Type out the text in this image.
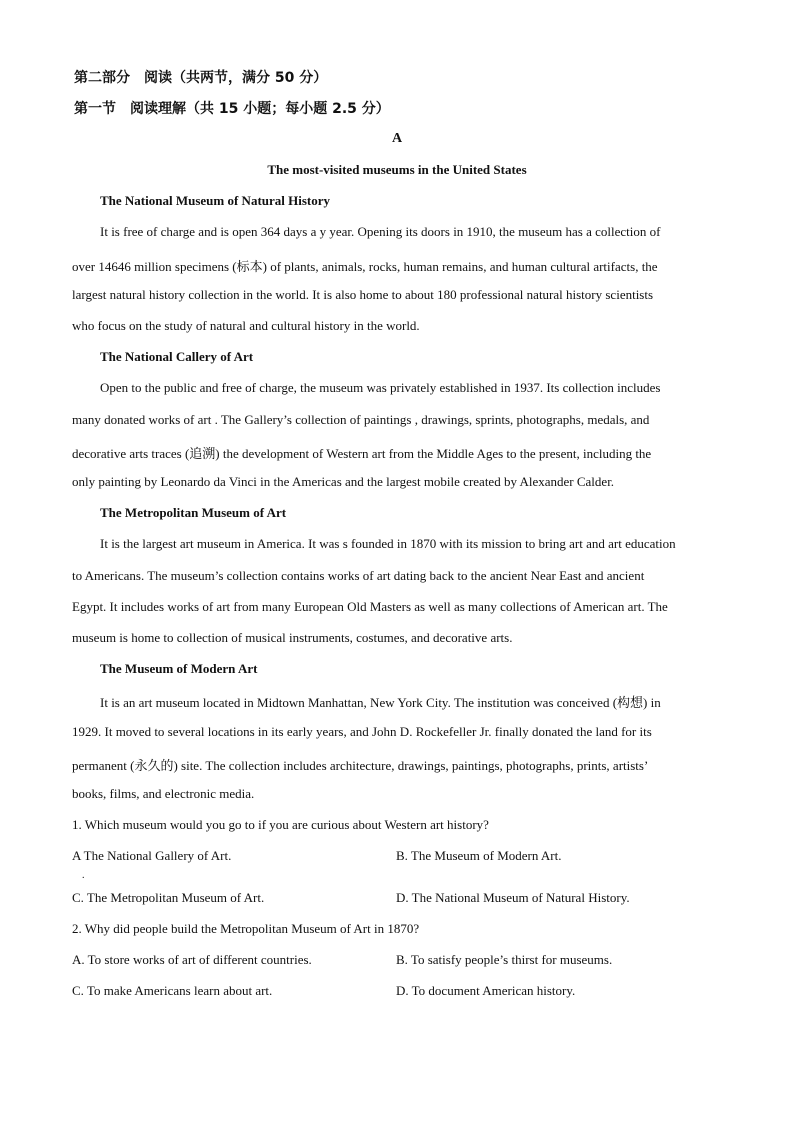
第二部分　阅读（共两节，满分 50 分）
第一节　阅读理解（共 15 小题；每小题 2.5 分）
A
The most-visited museums in the United States
The National Museum of Natural History
It is free of charge and is open 364 days a y year. Opening its doors in 1910, the museum has a collection of
over 14646 million specimens (标本) of plants, animals, rocks, human remains, and human cultural artifacts, the
largest natural history collection in the world. It is also home to about 180 professional natural history scientists
who focus on the study of natural and cultural history in the world.
The National Callery of Art
Open to the public and free of charge, the museum was privately established in 1937. Its collection includes
many donated works of art . The Gallery’s collection of paintings , drawings, sprints, photographs, medals, and
decorative arts traces (追溯) the development of Western art from the Middle Ages to the present, including the
only painting by Leonardo da Vinci in the Americas and the largest mobile created by Alexander Calder.
The Metropolitan Museum of Art
It is the largest art museum in America. It was s founded in 1870 with its mission to bring art and art education
to Americans. The museum’s collection contains works of art dating back to the ancient Near East and ancient
Egypt. It includes works of art from many European Old Masters as well as many collections of American art. The
museum is home to collection of musical instruments, costumes, and decorative arts.
The Museum of Modern Art
It is an art museum located in Midtown Manhattan, New York City. The institution was conceived (构想) in
1929. It moved to several locations in its early years, and John D. Rockefeller Jr. finally donated the land for its
permanent (永久的) site. The collection includes architecture, drawings, paintings, photographs, prints, artists’
books, films, and electronic media.
1. Which museum would you go to if you are curious about Western art history?
A The National Gallery of Art.	B. The Museum of Modern Art.
.
C. The Metropolitan Museum of Art.	D. The National Museum of Natural History.
2. Why did people build the Metropolitan Museum of Art in 1870?
A. To store works of art of different countries.	B. To satisfy people’s thirst for museums.
C. To make Americans learn about art.	D. To document American history.
